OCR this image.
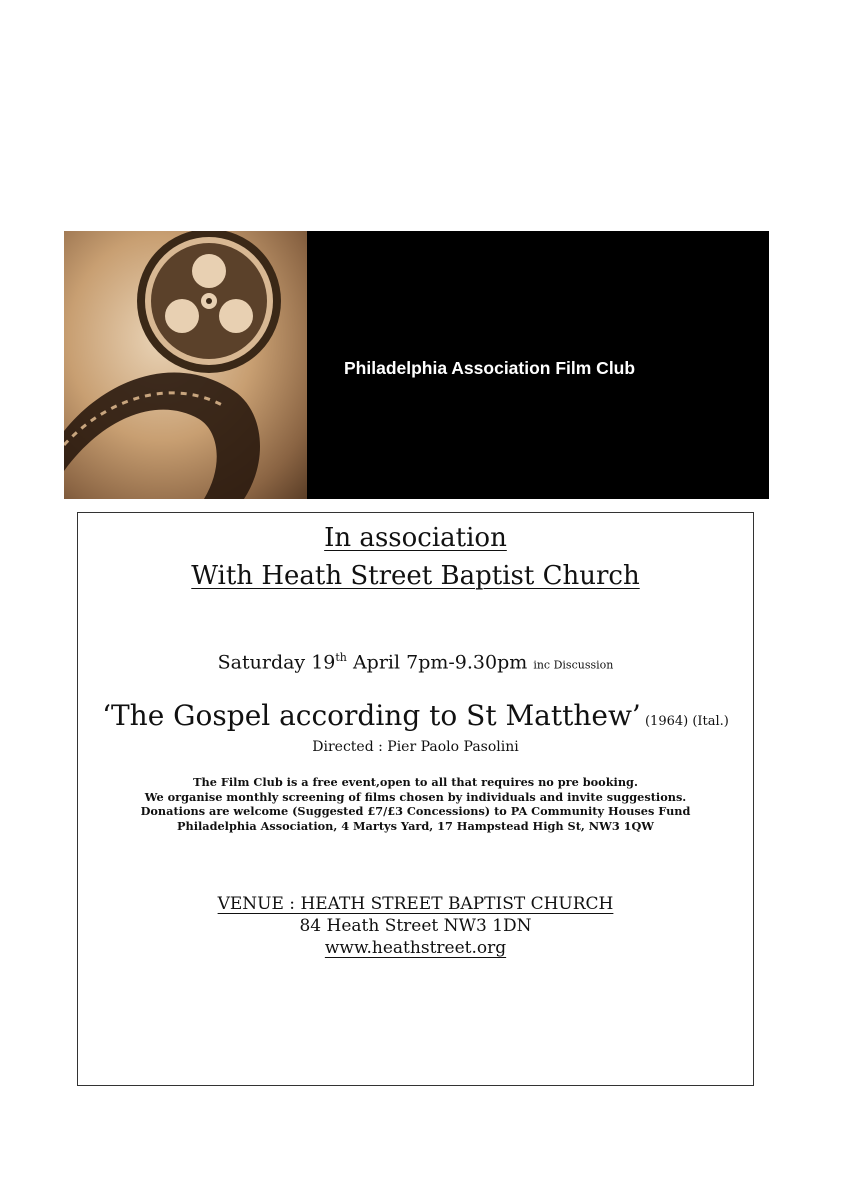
Philadelphia Association Film Club
In association
With Heath Street Baptist Church
Saturday 19th April 7pm-9.30pm inc Discussion
‘The Gospel according to St Matthew’ (1964) (Ital.)
Directed : Pier Paolo Pasolini
The Film Club is a free event,open to all that requires no pre booking.
We organise monthly screening of films chosen by individuals and invite suggestions.
Donations are welcome (Suggested £7/£3 Concessions) to PA Community Houses Fund
Philadelphia Association, 4 Martys Yard, 17 Hampstead High St, NW3 1QW
VENUE : HEATH STREET BAPTIST CHURCH
84 Heath Street NW3 1DN
www.heathstreet.org
